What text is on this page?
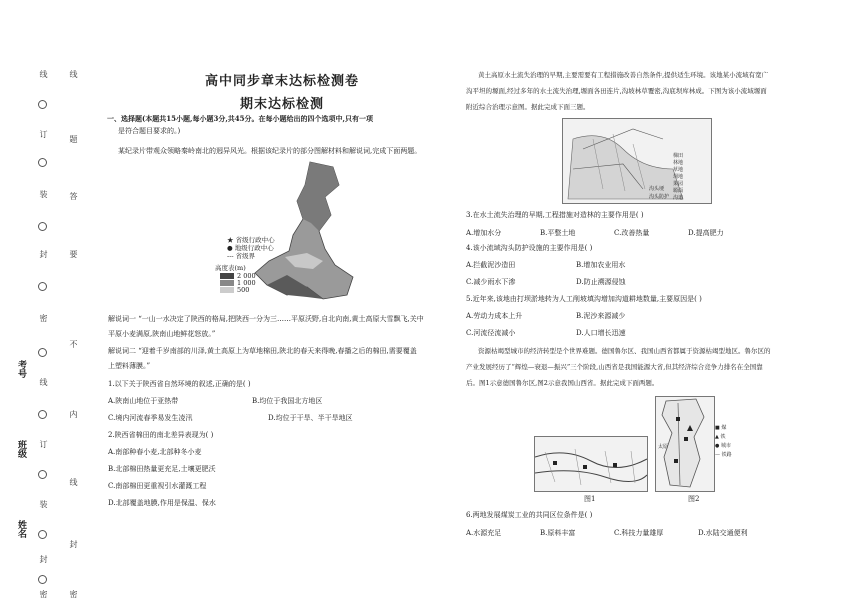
线
订
装
封
密
线
订
装
封
密
考号
班级
姓名
线
题
答
要
不
内
线
封
密
高中同步章末达标检测卷
期末达标检测
一、选择题(本题共15小题,每小题3分,共45分。在每小题给出的四个选项中,只有一项
是符合题目要求的。)
某纪录片带观众领略秦岭南北的迥异风光。根据该纪录片的部分图解材料和解说词,完成下面两题。
★ 省级行政中心
● 地级行政中心
--- 省级界
高度表(m)
2 000
1 000
500
解说词一 “一山一水决定了陕西的格局,把陕西一分为三……平原沃野,自北向南,黄土高原大雪飘飞,关中
平原小麦满原,陕南山地鲜花怒放。”
解说词二 “迎着千岁南部的川泽,黄土高原上为草地棉田,陕北的春天来得晚,春播之后的棉田,需要覆盖
上塑料薄膜。”
1.以下关于陕西省自然环境的叙述,正确的是( )
A.陕南山地位于亚热带	B.均位于我国北方地区
C.境内河流春季易发生凌汛	D.均位于干旱、半干旱地区
2.陕西省棉田的南北差异表现为( )
A.南部种春小麦,北部种冬小麦
B.北部棉田热量更充足,土壤更肥沃
C.南部棉田更重视引水灌溉工程
D.北部覆盖地膜,作用是保温、保水
黄土高原水土流失治理的早期,主要需要有工程措施改善自然条件,提供适生环境。该地某小流域有宽广
沟平坦的塬面,经过多年的水土流失治理,塬面各田连片,沟坡林草覆密,沟底坝库林成。下图为该小流域塬面
附近综合治理示意图。据此完成下面三题。
梯田
林地
草地
坝地
果园
塬面
沟道
沟头埂
沟头防护
3.在水土流失治理的早期,工程措施对造林的主要作用是( )
A.增加水分	B.平整土地	C.改善热量	D.提高肥力
4.该小流域沟头防护设施的主要作用是( )
A.拦截泥沙造田	B.增加农业用水
C.减少雨水下渗	D.防止溯源侵蚀
5.近年来,该地由打坝淤地转为人工削坡填沟增加沟道耕地数量,主要原因是( )
A.劳动力成本上升	B.泥沙来源减少
C.河流径流减小	D.人口增长迅速
资源枯竭型城市的经济转型是个世界难题。德国鲁尔区、我国山西省都属于资源枯竭型地区。鲁尔区的
产业发展经历了“辉煌—衰退—振兴”三个阶段,山西省是我国能源大省,但其经济综合竞争力排名在全国靠
后。图1示意德国鲁尔区,图2示意我国山西省。据此完成下面两题。
图1
太原
■ 煤
▲ 铁
● 城市
— 铁路
图2
6.两地发展煤炭工业的共同区位条件是( )
A.水源充足	B.原料丰富	C.科技力量雄厚	D.水陆交通便利
